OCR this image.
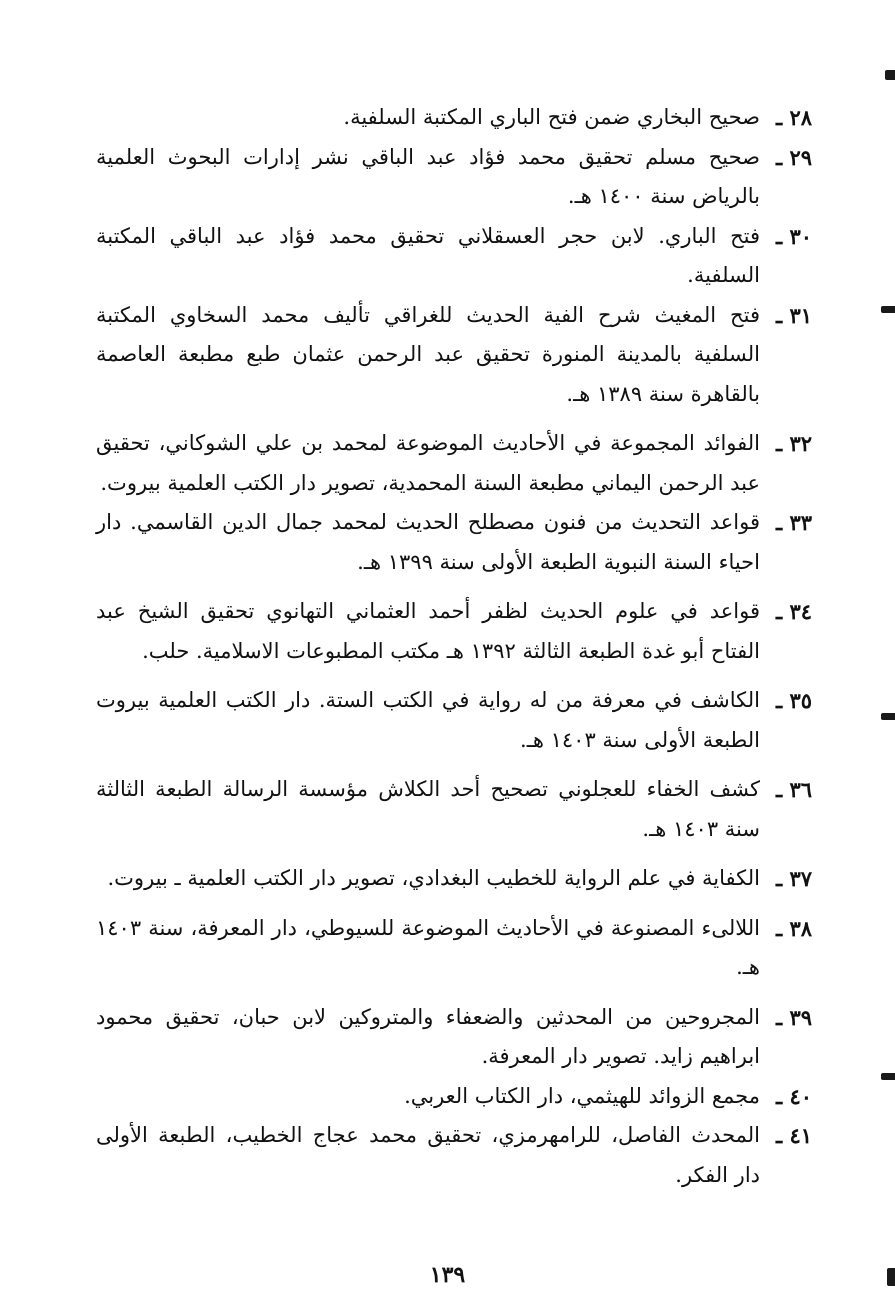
٢٨ ـ
صحيح البخاري ضمن فتح الباري المكتبة السلفية.
٢٩ ـ
صحيح مسلم تحقيق محمد فؤاد عبد الباقي نشر إدارات البحوث العلمية بالرياض سنة ١٤٠٠ هـ.
٣٠ ـ
فتح الباري. لابن حجر العسقلاني تحقيق محمد فؤاد عبد الباقي المكتبة السلفية.
٣١ ـ
فتح المغيث شرح الفية الحديث للغراقي تأليف محمد السخاوي المكتبة السلفية بالمدينة المنورة تحقيق عبد الرحمن عثمان طبع مطبعة العاصمة بالقاهرة سنة ١٣٨٩ هـ.
٣٢ ـ
الفوائد المجموعة في الأحاديث الموضوعة لمحمد بن علي الشوكاني، تحقيق عبد الرحمن اليماني مطبعة السنة المحمدية، تصوير دار الكتب العلمية بيروت.
٣٣ ـ
قواعد التحديث من فنون مصطلح الحديث لمحمد جمال الدين القاسمي. دار احياء السنة النبوية الطبعة الأولى سنة ١٣٩٩ هـ.
٣٤ ـ
قواعد في علوم الحديث لظفر أحمد العثماني التهانوي تحقيق الشيخ عبد الفتاح أبو غدة الطبعة الثالثة ١٣٩٢ هـ مكتب المطبوعات الاسلامية. حلب.
٣٥ ـ
الكاشف في معرفة من له رواية في الكتب الستة. دار الكتب العلمية بيروت الطبعة الأولى سنة ١٤٠٣ هـ.
٣٦ ـ
كشف الخفاء للعجلوني تصحيح أحد الكلاش مؤسسة الرسالة الطبعة الثالثة سنة ١٤٠٣ هـ.
٣٧ ـ
الكفاية في علم الرواية للخطيب البغدادي، تصوير دار الكتب العلمية ـ بيروت.
٣٨ ـ
اللالىء المصنوعة في الأحاديث الموضوعة للسيوطي، دار المعرفة، سنة ١٤٠٣ هـ.
٣٩ ـ
المجروحين من المحدثين والضعفاء والمتروكين لابن حبان، تحقيق محمود ابراهيم زايد. تصوير دار المعرفة.
٤٠ ـ
مجمع الزوائد للهيثمي، دار الكتاب العربي.
٤١ ـ
المحدث الفاصل، للرامهرمزي، تحقيق محمد عجاج الخطيب، الطبعة الأولى دار الفكر.
١٣٩
